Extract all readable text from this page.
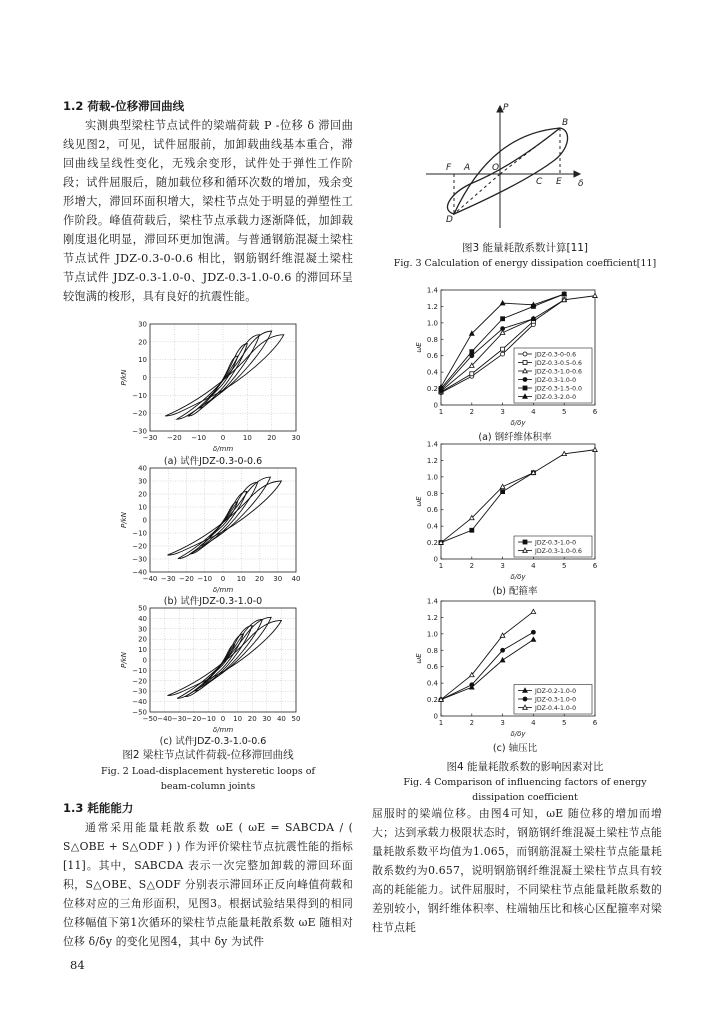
1.2 荷载-位移滞回曲线
实测典型梁柱节点试件的梁端荷载 P -位移 δ 滞回曲线见图2，可见，试件屈服前，加卸载曲线基本重合，滞回曲线呈线性变化，无残余变形，试件处于弹性工作阶段；试件屈服后，随加载位移和循环次数的增加，残余变形增大，滞回环面积增大，梁柱节点处于明显的弹塑性工作阶段。峰值荷载后，梁柱节点承载力逐渐降低，加卸载刚度退化明显，滞回环更加饱满。与普通钢筋混凝土梁柱节点试件 JDZ-0.3-0-0.6 相比，钢筋钢纤维混凝土梁柱节点试件 JDZ-0.3-1.0-0、JDZ-0.3-1.0-0.6 的滞回环呈较饱满的梭形，具有良好的抗震性能。
−30 −20 −10 0	10 20 30
30
20
10
0
−10
−20
−30
δ/mm
P/kN
(a) 试件JDZ-0.3-0-0.6
−40 −30 −20 −10 0 10 20 30 40
40
30
20
10
0
−10
−20
−30
−40
δ/mm
P/kN
(b) 试件JDZ-0.3-1.0-0
−50 −40 −30 −20 −10 0 10 20 30 40 50
50
40
30
20
10
0
−10
−20
−30
−40
−50
δ/mm
P/kN
(c) 试件JDZ-0.3-1.0-0.6
图2 梁柱节点试件荷载-位移滞回曲线
Fig. 2 Load-displacement hysteretic loops of
beam-column joints
1.3 耗能能力
通常采用能量耗散系数 ωE ( ωE = SABCDA / ( S△OBE + S△ODF ) ) 作为评价梁柱节点抗震性能的指标[11]。其中，SABCDA 表示一次完整加卸载的滞回环面积，S△OBE、S△ODF 分别表示滞回环正反向峰值荷载和位移对应的三角形面积，见图3。根据试验结果得到的相同位移幅值下第1次循环的梁柱节点能量耗散系数 ωE 随相对位移 δ/δy 的变化见图4，其中 δy 为试件
84
P
δ
O
A
B
C
D
E
F
图3 能量耗散系数计算[11]
Fig. 3 Calculation of energy dissipation coefficient[11]
1	2	3	4	5	6
0
0.2
0.4
0.6
0.8
1.0
1.2
1.4
δ/δy
ωE
JDZ-0.3-0-0.6
JDZ-0.3-0.5-0.6
JDZ-0.3-1.0-0.6
JDZ-0.3-1.0-0
JDZ-0.3-1.5-0.0
JDZ-0.3-2.0-0
(a) 钢纤维体积率
1	2	3	4	5	6
0
0.2
0.4
0.6
0.8
1.0
1.2
1.4
δ/δy
ωE
JDZ-0.3-1.0-0
JDZ-0.3-1.0-0.6
(b) 配箍率
1	2	3	4	5	6
0
0.2
0.4
0.6
0.8
1.0
1.2
1.4
δ/δy
ωE
JDZ-0.2-1.0-0
JDZ-0.3-1.0-0
JDZ-0.4-1.0-0
(c) 轴压比
图4 能量耗散系数的影响因素对比
Fig. 4 Comparison of influencing factors of energy
dissipation coefficient
屈服时的梁端位移。由图4可知，ωE 随位移的增加而增大；达到承载力极限状态时，钢筋钢纤维混凝土梁柱节点能量耗散系数平均值为1.065，而钢筋混凝土梁柱节点能量耗散系数约为0.657，说明钢筋钢纤维混凝土梁柱节点具有较高的耗能能力。试件屈服时，不同梁柱节点能量耗散系数的差别较小，钢纤维体积率、柱端轴压比和核心区配箍率对梁柱节点耗
